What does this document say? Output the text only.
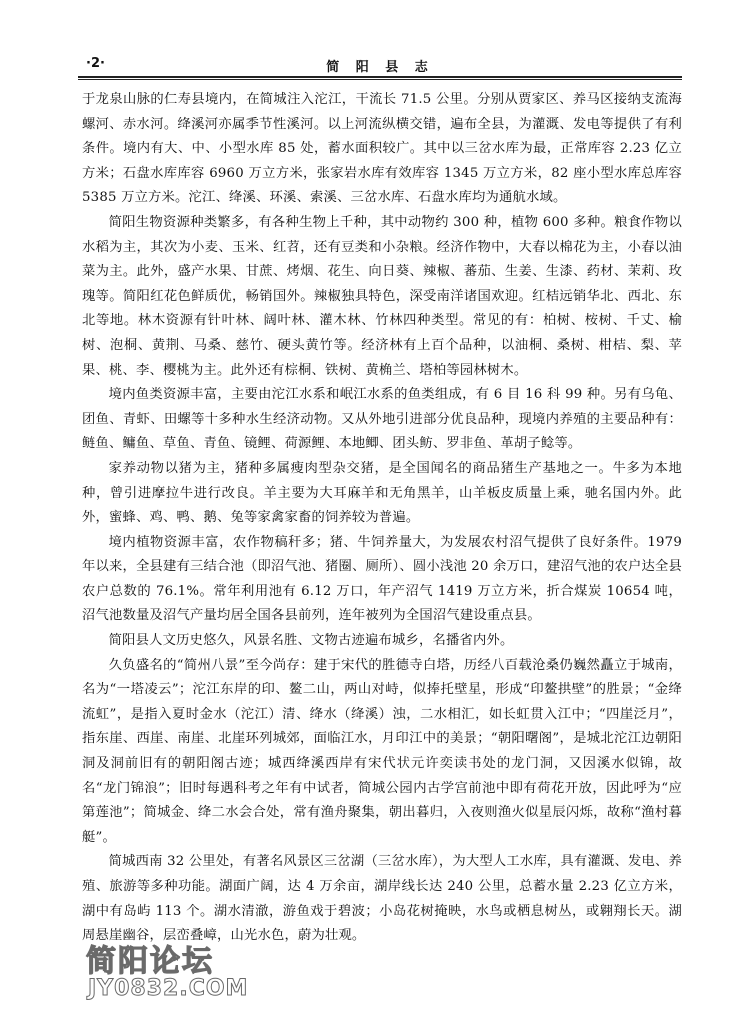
·2·	简 阳 县 志

于龙泉山脉的仁寿县境内，在简城注入沱江，干流长 71.5 公里。分别从贾家区、养马区接纳支流海螺河、赤水河。绛溪河亦属季节性溪河。以上河流纵横交错，遍布全县，为灌溉、发电等提供了有利条件。境内有大、中、小型水库 85 处，蓄水面积较广。其中以三岔水库为最，正常库容 2.23 亿立方米；石盘水库库容 6960 万立方米，张家岩水库有效库容 1345 万立方米，82 座小型水库总库容 5385 万立方米。沱江、绛溪、环溪、索溪、三岔水库、石盘水库均为通航水域。

简阳生物资源种类繁多，有各种生物上千种，其中动物约 300 种，植物 600 多种。粮食作物以水稻为主，其次为小麦、玉米、红苕，还有豆类和小杂粮。经济作物中，大春以棉花为主，小春以油菜为主。此外，盛产水果、甘蔗、烤烟、花生、向日葵、辣椒、蕃茄、生姜、生漆、药材、茉莉、玫瑰等。简阳红花色鲜质优，畅销国外。辣椒独具特色，深受南洋诸国欢迎。红桔远销华北、西北、东北等地。林木资源有针叶林、阔叶林、灌木林、竹林四种类型。常见的有：柏树、桉树、千丈、榆树、泡桐、黄荆、马桑、慈竹、硬头黄竹等。经济林有上百个品种，以油桐、桑树、柑桔、梨、苹果、桃、李、樱桃为主。此外还有棕桐、铁树、黄桷兰、塔柏等园林树木。

境内鱼类资源丰富，主要由沱江水系和岷江水系的鱼类组成，有 6 目 16 科 99 种。另有乌龟、团鱼、青虾、田螺等十多种水生经济动物。又从外地引进部分优良品种，现境内养殖的主要品种有：鲢鱼、鳙鱼、草鱼、青鱼、镜鲤、荷源鲤、本地鲫、团头鲂、罗非鱼、革胡子鲶等。

家养动物以猪为主，猪种多属瘦肉型杂交猪，是全国闻名的商品猪生产基地之一。牛多为本地种，曾引进摩拉牛进行改良。羊主要为大耳麻羊和无角黑羊，山羊板皮质量上乘，驰名国内外。此外，蜜蜂、鸡、鸭、鹅、兔等家禽家畜的饲养较为普遍。

境内植物资源丰富，农作物稿秆多；猪、牛饲养量大，为发展农村沼气提供了良好条件。1979 年以来，全县建有三结合池（即沼气池、猪圈、厕所）、圆小浅池 20 余万口，建沼气池的农户达全县农户总数的 76.1%。常年利用池有 6.12 万口，年产沼气 1419 万立方米，折合煤炭 10654 吨，沼气池数量及沼气产量均居全国各县前列，连年被列为全国沼气建设重点县。

简阳县人文历史悠久，风景名胜、文物古迹遍布城乡，名播省内外。

久负盛名的“简州八景”至今尚存：建于宋代的胜德寺白塔，历经八百载沧桑仍巍然矗立于城南，名为“一塔凌云”；沱江东岸的印、鳌二山，两山对峙，似捧托壁星，形成“印鳌拱壁”的胜景；“金绛流虹”，是指入夏时金水（沱江）清、绛水（绛溪）浊，二水相汇，如长虹贯入江中；“四崖泛月”，指东崖、西崖、南崖、北崖环列城郊，面临江水，月印江中的美景；“朝阳曙阁”，是城北沱江边朝阳洞及洞前旧有的朝阳阁古迹；城西绛溪西岸有宋代状元许奕读书处的龙门洞，又因溪水似锦，故名“龙门锦浪”；旧时每遇科考之年有中试者，简城公园内古学宫前池中即有荷花开放，因此呼为“应第莲池”；简城金、绛二水会合处，常有渔舟聚集，朝出暮归，入夜则渔火似星辰闪烁，故称“渔村暮艇”。

简城西南 32 公里处，有著名风景区三岔湖（三岔水库），为大型人工水库，具有灌溉、发电、养殖、旅游等多种功能。湖面广阔，达 4 万余亩，湖岸线长达 240 公里，总蓄水量 2.23 亿立方米，湖中有岛屿 113 个。湖水清澈，游鱼戏于碧波；小岛花树掩映，水鸟或栖息树丛，或翱翔长天。湖周悬崖幽谷，层峦叠嶂，山光水色，蔚为壮观。

简阳论坛
JY0832.COM
